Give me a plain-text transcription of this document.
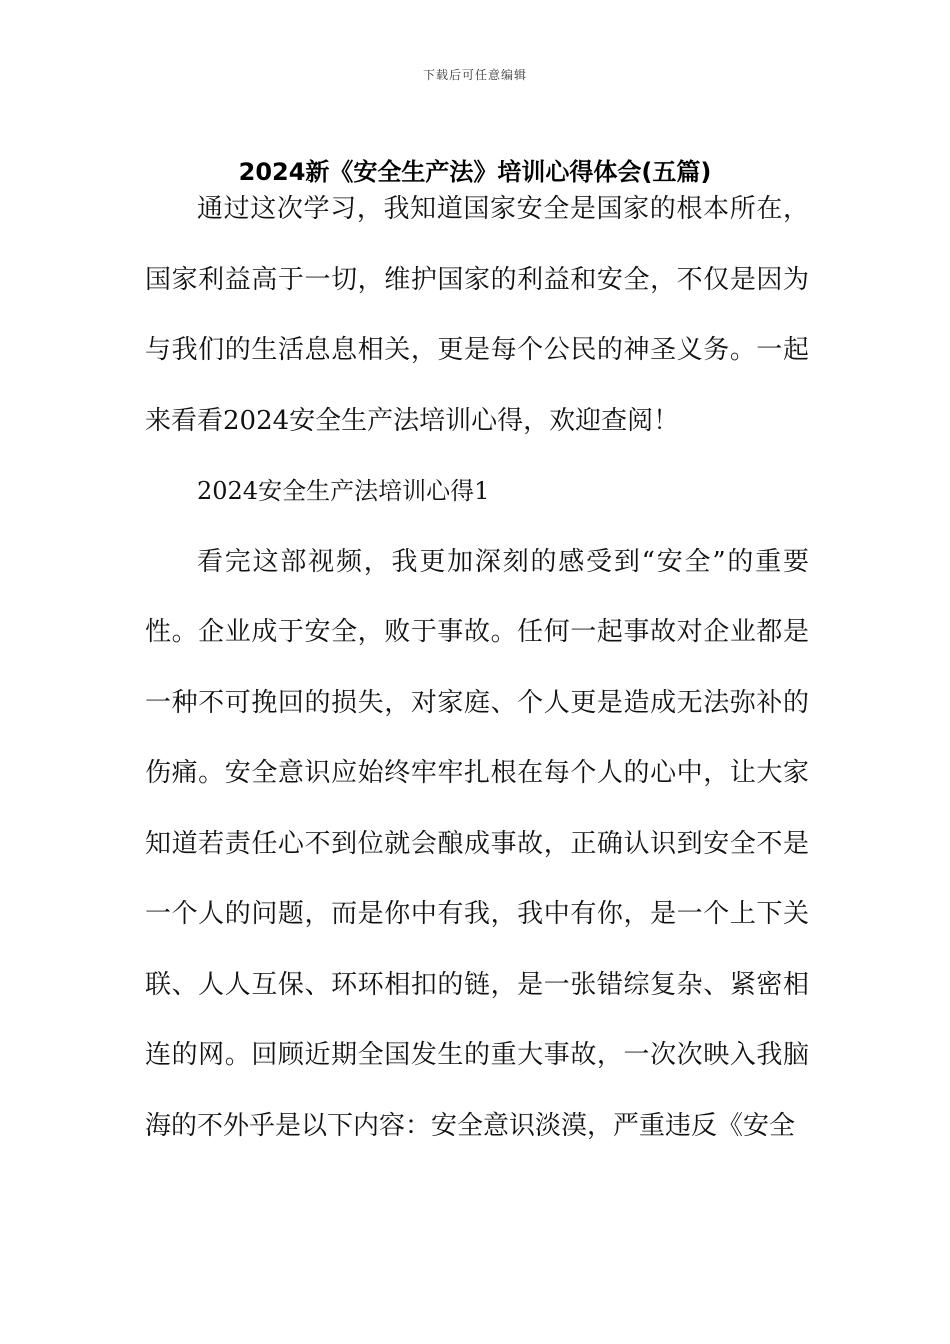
下载后可任意编辑
2024新《安全生产法》培训心得体会(五篇)

通过这次学习，我知道国家安全是国家的根本所在，国家利益高于一切，维护国家的利益和安全，不仅是因为与我们的生活息息相关，更是每个公民的神圣义务。一起来看看2024安全生产法培训心得，欢迎查阅！

2024安全生产法培训心得1

看完这部视频，我更加深刻的感受到“安全”的重要性。企业成于安全，败于事故。任何一起事故对企业都是一种不可挽回的损失，对家庭、个人更是造成无法弥补的伤痛。安全意识应始终牢牢扎根在每个人的心中，让大家知道若责任心不到位就会酿成事故，正确认识到安全不是一个人的问题，而是你中有我，我中有你，是一个上下关联、人人互保、环环相扣的链，是一张错综复杂、紧密相连的网。回顾近期全国发生的重大事故，一次次映入我脑海的不外乎是以下内容：安全意识淡漠，严重违反《安全
